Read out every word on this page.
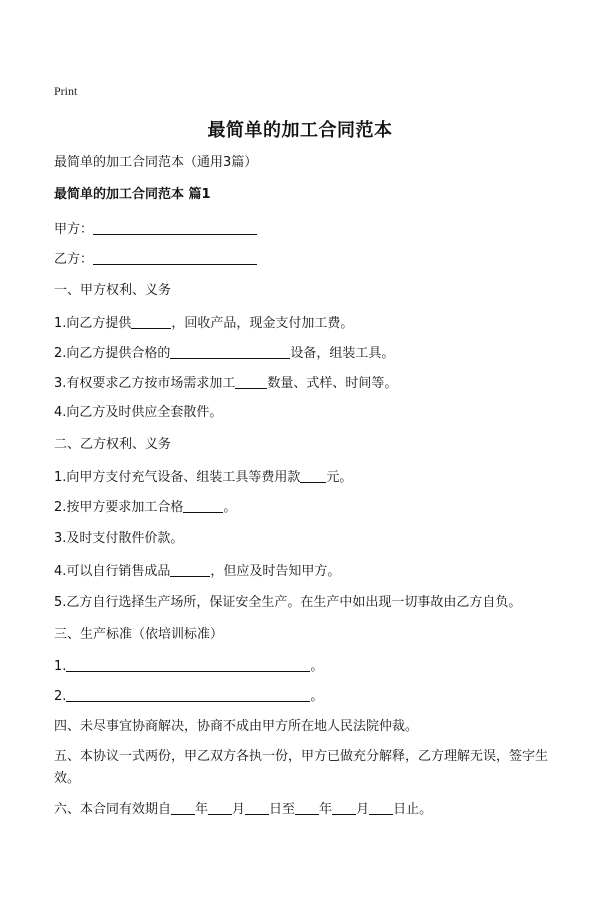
Print
最简单的加工合同范本
最简单的加工合同范本（通用3篇）
最简单的加工合同范本 篇1
甲方：
乙方：
一、甲方权利、义务
1.向乙方提供	，回收产品，现金支付加工费。
2.向乙方提供合格的	设备，组装工具。
3.有权要求乙方按市场需求加工 数量、式样、时间等。
4.向乙方及时供应全套散件。
二、乙方权利、义务
1.向甲方支付充气设备、组装工具等费用款 元。
2.按甲方要求加工合格	。
3.及时支付散件价款。
4.可以自行销售成品	，但应及时告知甲方。
5.乙方自行选择生产场所，保证安全生产。在生产中如出现一切事故由乙方自负。
三、生产标准（依培训标准）
1.	。
2.	。
四、未尽事宜协商解决，协商不成由甲方所在地人民法院仲裁。
五、本协议一式两份，甲乙双方各执一份，甲方已做充分解释，乙方理解无误，签字生效。
六、本合同有效期自 年 月 日至 年 月 日止。
